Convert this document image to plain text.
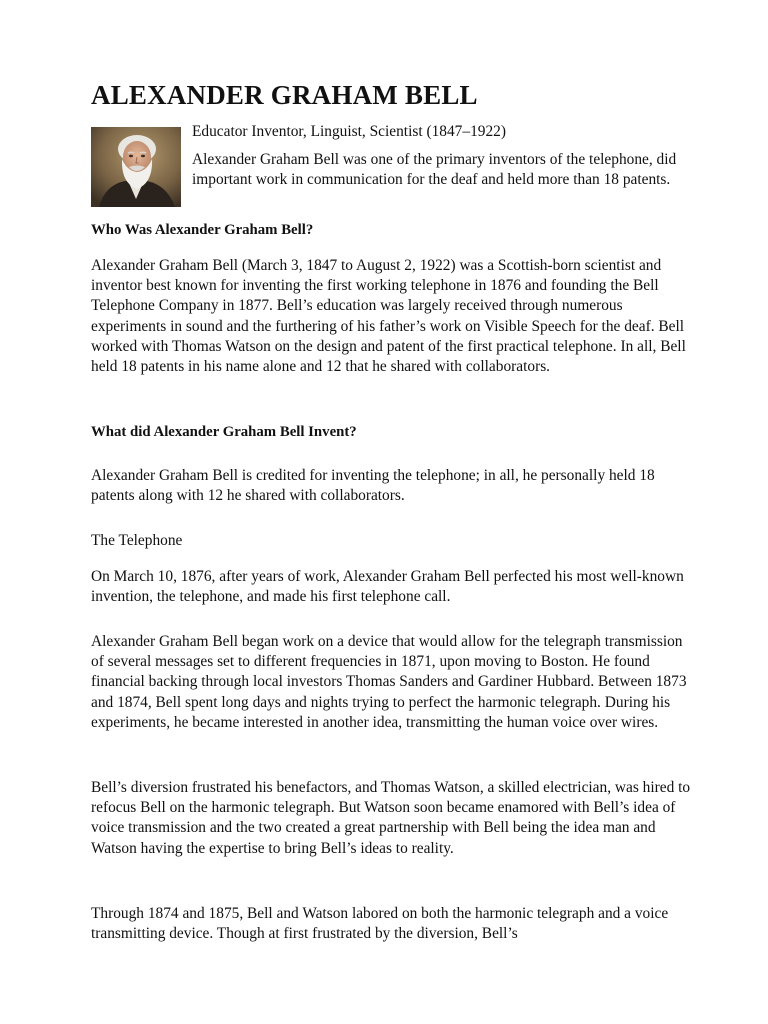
ALEXANDER GRAHAM BELL

Educator Inventor, Linguist, Scientist (1847–1922)

Alexander Graham Bell was one of the primary inventors of the telephone, did important work in communication for the deaf and held more than 18 patents.

Who Was Alexander Graham Bell?

Alexander Graham Bell (March 3, 1847 to August 2, 1922) was a Scottish-born scientist and inventor best known for inventing the first working telephone in 1876 and founding the Bell Telephone Company in 1877. Bell’s education was largely received through numerous experiments in sound and the furthering of his father’s work on Visible Speech for the deaf. Bell worked with Thomas Watson on the design and patent of the first practical telephone. In all, Bell held 18 patents in his name alone and 12 that he shared with collaborators.

What did Alexander Graham Bell Invent?

Alexander Graham Bell is credited for inventing the telephone; in all, he personally held 18 patents along with 12 he shared with collaborators.

The Telephone

On March 10, 1876, after years of work, Alexander Graham Bell perfected his most well-known invention, the telephone, and made his first telephone call.

Alexander Graham Bell began work on a device that would allow for the telegraph transmission of several messages set to different frequencies in 1871, upon moving to Boston. He found financial backing through local investors Thomas Sanders and Gardiner Hubbard. Between 1873 and 1874, Bell spent long days and nights trying to perfect the harmonic telegraph. During his experiments, he became interested in another idea, transmitting the human voice over wires.

Bell’s diversion frustrated his benefactors, and Thomas Watson, a skilled electrician, was hired to refocus Bell on the harmonic telegraph. But Watson soon became enamored with Bell’s idea of voice transmission and the two created a great partnership with Bell being the idea man and Watson having the expertise to bring Bell’s ideas to reality.

Through 1874 and 1875, Bell and Watson labored on both the harmonic telegraph and a voice transmitting device. Though at first frustrated by the diversion, Bell’s
